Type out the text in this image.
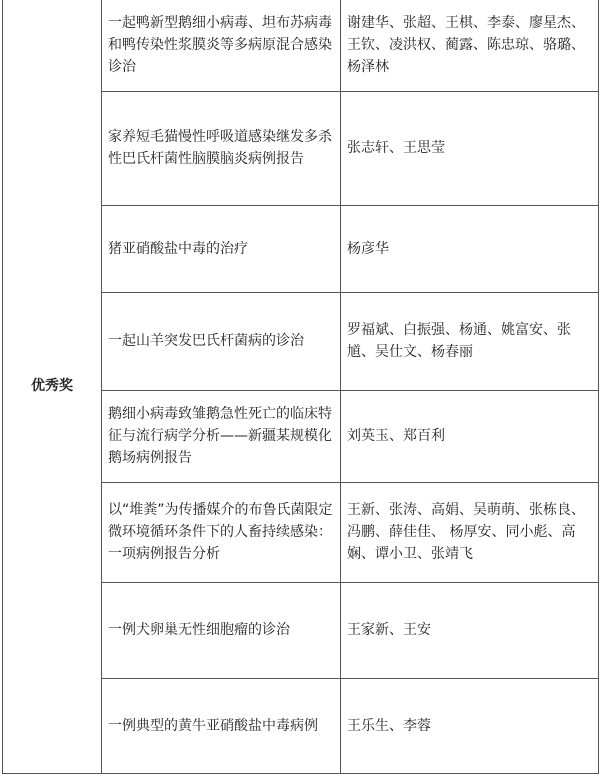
优秀奖	一起鸭新型鹅细小病毒、坦布苏病毒和鸭传染性浆膜炎等多病原混合感染诊治	谢建华、张超、王棋、李泰、廖星杰、王钦、凌洪权、蔺露、陈忠琼、骆璐、杨泽林
	家养短毛猫慢性呼吸道感染继发多杀性巴氏杆菌性脑膜脑炎病例报告	张志轩、王思莹
	猪亚硝酸盐中毒的治疗	杨彦华
	一起山羊突发巴氏杆菌病的诊治	罗福斌、白振强、杨通、姚富安、张馗、吴仕文、杨春丽
	鹅细小病毒致雏鹅急性死亡的临床特征与流行病学分析——新疆某规模化鹅场病例报告	刘英玉、郑百利
	以“堆粪”为传播媒介的布鲁氏菌限定微环境循环条件下的人畜持续感染：一项病例报告分析	王新、张涛、高娟、吴萌萌、张栋良、冯鹏、薛佳佳、 杨厚安、同小彪、高娴、谭小卫、张靖飞
	一例犬卵巢无性细胞瘤的诊治	王家新、王安
	一例典型的黄牛亚硝酸盐中毒病例	王乐生、李蓉
